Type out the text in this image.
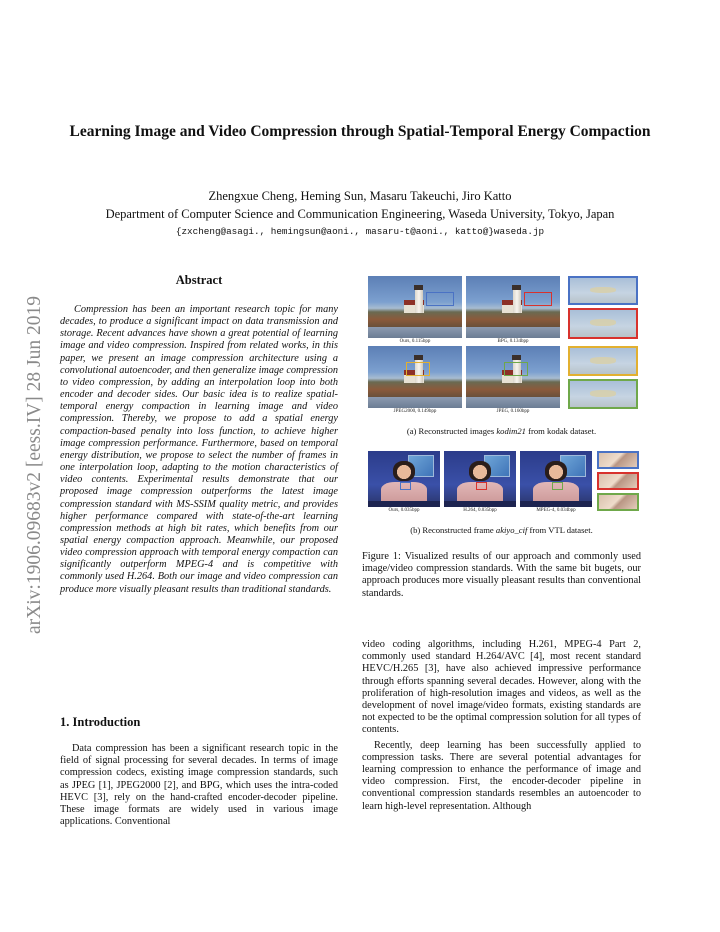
arXiv:1906.09683v2 [eess.IV] 28 Jun 2019
Learning Image and Video Compression through Spatial-Temporal Energy Compaction
Zhengxue Cheng, Heming Sun, Masaru Takeuchi, Jiro Katto
Department of Computer Science and Communication Engineering, Waseda University, Tokyo, Japan
{zxcheng@asagi., hemingsun@aoni., masaru-t@aoni., katto@}waseda.jp
Abstract

Compression has been an important research topic for many decades, to produce a significant impact on data transmission and storage. Recent advances have shown a great potential of learning image and video compression. Inspired from related works, in this paper, we present an image compression architecture using a convolutional autoencoder, and then generalize image compression to video compression, by adding an interpolation loop into both encoder and decoder sides. Our basic idea is to realize spatial-temporal energy compaction in learning image and video compression. Thereby, we propose to add a spatial energy compaction-based penalty into loss function, to achieve higher image compression performance. Furthermore, based on temporal energy distribution, we propose to select the number of frames in one interpolation loop, adapting to the motion characteristics of video contents. Experimental results demonstrate that our proposed image compression outperforms the latest image compression standard with MS-SSIM quality metric, and provides higher performance compared with state-of-the-art learning compression methods at high bit rates, which benefits from our spatial energy compaction approach. Meanwhile, our proposed video compression approach with temporal energy compaction can significantly outperform MPEG-4 and is competitive with commonly used H.264. Both our image and video compression can produce more visually pleasant results than traditional standards.

1. Introduction

Data compression has been a significant research topic in the field of signal processing for several decades. In terms of image compression codecs, existing image compression standards, such as JPEG [1], JPEG2000 [2], and BPG, which uses the intra-coded HEVC [3], rely on the hand-crafted encoder-decoder pipeline. These image formats are widely used in various image applications. Conventional

Ours, 0.115bpp	BPG, 0.134bpp
JPEG2000, 0.149bpp	JPEG, 0.160bpp
(a) Reconstructed images kodim21 from kodak dataset.
Ours, 0.035bpp	H.264, 0.035bpp	MPEG-4, 0.034bpp
(b) Reconstructed frame akiyo_cif from VTL dataset.
Figure 1: Visualized results of our approach and commonly used image/video compression standards. With the same bit bugets, our approach produces more visually pleasant results than conventional standards.

video coding algorithms, including H.261, MPEG-4 Part 2, commonly used standard H.264/AVC [4], most recent standard HEVC/H.265 [3], have also achieved impressive performance through efforts spanning several decades. However, along with the proliferation of high-resolution images and videos, as well as the development of novel image/video formats, existing standards are not expected to be the optimal compression solution for all types of contents.

Recently, deep learning has been successfully applied to compression tasks. There are several potential advantages for learning compression to enhance the performance of image and video compression. First, the encoder-decoder pipeline in conventional compression standards resembles an autoencoder to learn high-level representation. Although
